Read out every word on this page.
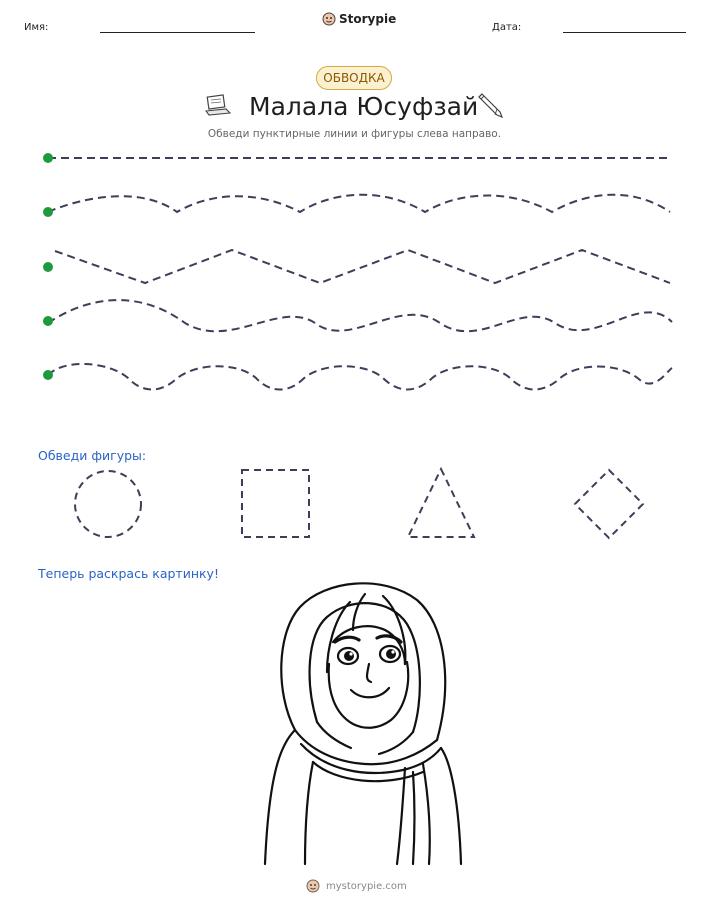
Имя:
Storypie
Дата:
ОБВОДКА
Малала Юсуфзай
Обведи пунктирные линии и фигуры слева направо.
Обведи фигуры:
Теперь раскрась картинку!
mystorypie.com
